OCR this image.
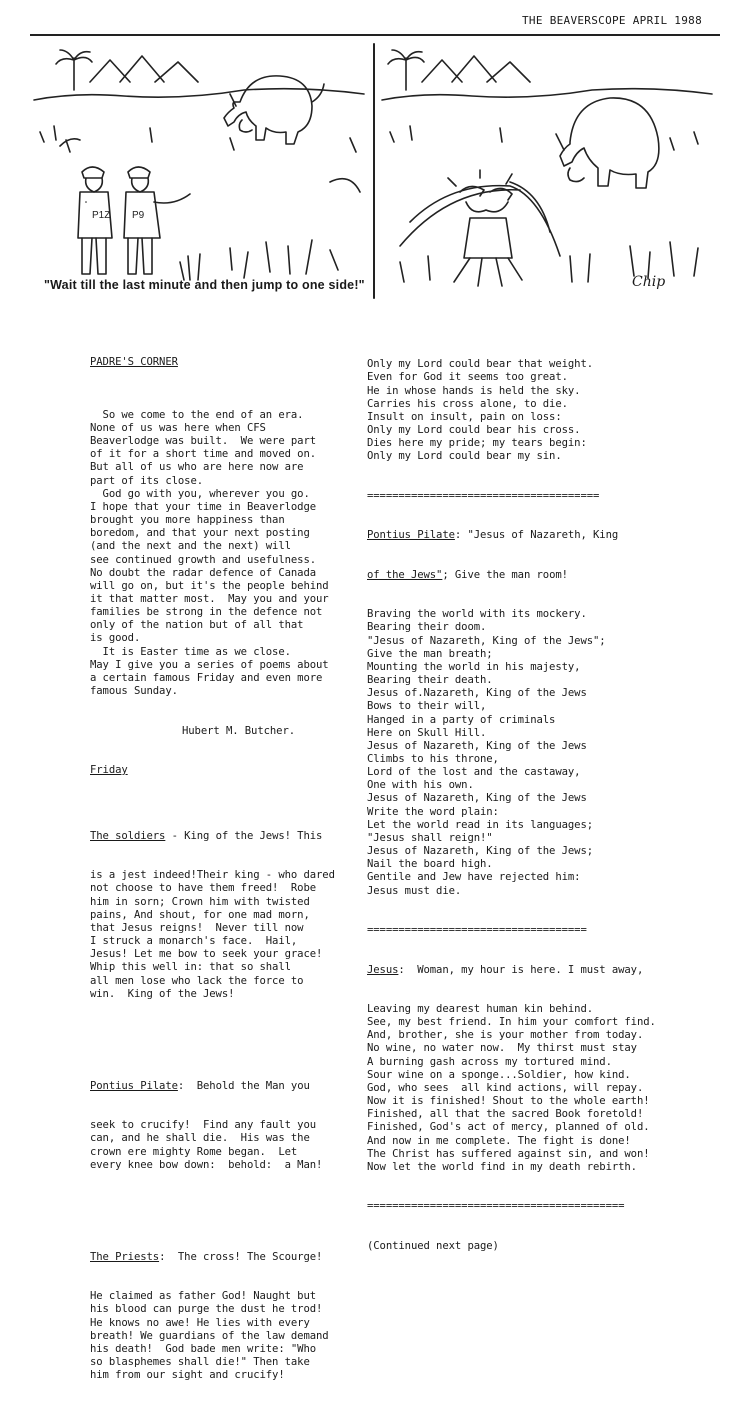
THE BEAVERSCOPE APRIL 1988
P1Z P9
"Wait till the last minute and then jump to one side!"	Chip

PADRE'S CORNER

So we come to the end of an era.

None of us was here when CFS

Beaverlodge was built.  We were part

of it for a short time and moved on.

But all of us who are here now are

part of its close.

God go with you, wherever you go.

I hope that your time in Beaverlodge

brought you more happiness than

boredom, and that your next posting

(and the next and the next) will

see continued growth and usefulness.

No doubt the radar defence of Canada

will go on, but it's the people behind

it that matter most.  May you and your

families be strong in the defence not

only of the nation but of all that

is good.

It is Easter time as we close.

May I give you a series of poems about

a certain famous Friday and even more

famous Sunday.

Hubert M. Butcher.

Friday

The soldiers - King of the Jews! This

is a jest indeed!Their king - who dared

not choose to have them freed!  Robe

him in sorn; Crown him with twisted

pains, And shout, for one mad morn,

that Jesus reigns!  Never till now

I struck a monarch's face.  Hail,

Jesus! Let me bow to seek your grace!

Whip this well in: that so shall

all men lose who lack the force to

win.  King of the Jews!

Pontius Pilate:  Behold the Man you

seek to crucify!  Find any fault you

can, and he shall die.  His was the

crown ere mighty Rome began.  Let

every knee bow down:  behold:  a Man!

The Priests:  The cross! The Scourge!

He claimed as father God! Naught but

his blood can purge the dust he trod!

He knows no awe! He lies with every

breath! We guardians of the law demand

his death!  God bade men write: "Who

so blasphemes shall die!" Then take

him from our sight and crucify!

Only my Lord could bear that weight.

Even for God it seems too great.

He in whose hands is held the sky.

Carries his cross alone, to die.

Insult on insult, pain on loss:

Only my Lord could bear his cross.

Dies here my pride; my tears begin:

Only my Lord could bear my sin.

=====================================

Pontius Pilate: "Jesus of Nazareth, King

of the Jews"; Give the man room!

Braving the world with its mockery.

Bearing their doom.

"Jesus of Nazareth, King of the Jews";

Give the man breath;

Mounting the world in his majesty,

Bearing their death.

Jesus of.Nazareth, King of the Jews

Bows to their will,

Hanged in a party of criminals

Here on Skull Hill.

Jesus of Nazareth, King of the Jews

Climbs to his throne,

Lord of the lost and the castaway,

One with his own.

Jesus of Nazareth, King of the Jews

Write the word plain:

Let the world read in its languages;

"Jesus shall reign!"

Jesus of Nazareth, King of the Jews;

Nail the board high.

Gentile and Jew have rejected him:

Jesus must die.

===================================

Jesus:  Woman, my hour is here. I must away,

Leaving my dearest human kin behind.

See, my best friend. In him your comfort find.

And, brother, she is your mother from today.

No wine, no water now.  My thirst must stay

A burning gash across my tortured mind.

Sour wine on a sponge...Soldier, how kind.

God, who sees  all kind actions, will repay.

Now it is finished! Shout to the whole earth!

Finished, all that the sacred Book foretold!

Finished, God's act of mercy, planned of old.

And now in me complete. The fight is done!

The Christ has suffered against sin, and won!

Now let the world find in my death rebirth.

=========================================

(Continued next page)
